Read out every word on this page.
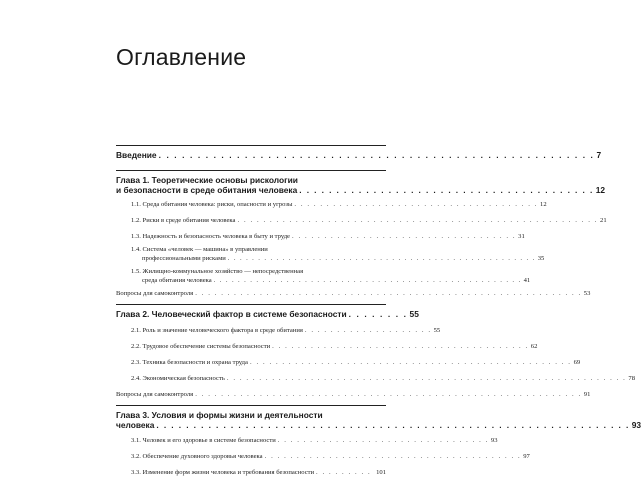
Оглавление
Введение . . . . . . . . . . . . . . . . . . . . . . . . . . . . . . . . . . . . . . . . . . . . . . . . . . . . . . . . 7
Глава 1. Теоретические основы рискологии
и безопасности в среде обитания человека . . . . . . . . . . . . . . . . . . . . . . . . . . . . . . . . . . . . . . . . 12
1.1. Среда обитания человека: риски, опасности и угрозы . . . . . . . . . . . . . . . . . . . . . . . . . . . . . . . . . . . . . . 12
1.2. Риски в среде обитания человека . . . . . . . . . . . . . . . . . . . . . . . . . . . . . . . . . . . . . . . . . . . . . . . . . . . . . . . . 21
1.3. Надежность и безопасность человека в быту и труде . . . . . . . . . . . . . . . . . . . . . . . . . . . . . . . . . . . 31
1.4. Система «человек — машина» в управлении
профессиональными рисками . . . . . . . . . . . . . . . . . . . . . . . . . . . . . . . . . . . . . . . . . . . . . . . . . . . 35
1.5. Жилищно-коммунальное хозяйство — непосредственная
среда обитания человека . . . . . . . . . . . . . . . . . . . . . . . . . . . . . . . . . . . . . . . . . . . . . . . . . . . 41
Вопросы для самоконтроля . . . . . . . . . . . . . . . . . . . . . . . . . . . . . . . . . . . . . . . . . . . . . . . . . . . . . . . . . . . . 53
Глава 2. Человеческий фактор в системе безопасности . . . . . . . . 55
2.1. Роль и значение человеческого фактора в среде обитания . . . . . . . . . . . . . . . . . . . . 55
2.2. Трудовое обеспечение системы безопасности . . . . . . . . . . . . . . . . . . . . . . . . . . . . . . . . . . . . . . . . 62
2.3. Техника безопасности и охрана труда . . . . . . . . . . . . . . . . . . . . . . . . . . . . . . . . . . . . . . . . . . . . . . . . . . 69
2.4. Экономическая безопасность . . . . . . . . . . . . . . . . . . . . . . . . . . . . . . . . . . . . . . . . . . . . . . . . . . . . . . . . . . . . . . 78
Вопросы для самоконтроля . . . . . . . . . . . . . . . . . . . . . . . . . . . . . . . . . . . . . . . . . . . . . . . . . . . . . . . . . . . . 91
Глава 3. Условия и формы жизни и деятельности
человека . . . . . . . . . . . . . . . . . . . . . . . . . . . . . . . . . . . . . . . . . . . . . . . . . . . . . . . . . . . . . . . . 93
3.1. Человек и его здоровье в системе безопасности . . . . . . . . . . . . . . . . . . . . . . . . . . . . . . . . . 93
3.2. Обеспечение духовного здоровья человека . . . . . . . . . . . . . . . . . . . . . . . . . . . . . . . . . . . . . . . . 97
3.3. Изменение форм жизни человека и требования безопасности . . . . . . . . . 101
